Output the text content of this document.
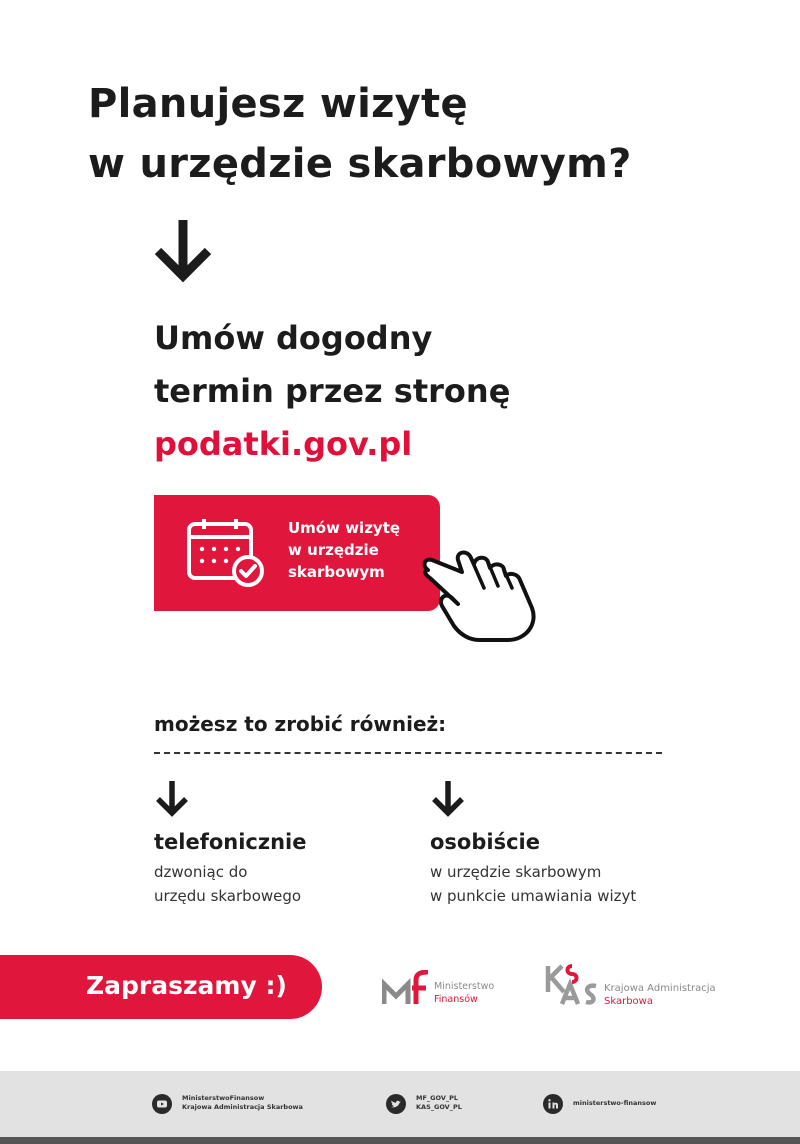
Planujesz wizytę
w urzędzie skarbowym?
Umów dogodny
termin przez stronę
podatki.gov.pl
Umów wizytę
w urzędzie
skarbowym
możesz to zrobić również:
telefonicznie
dzwoniąc do
urzędu skarbowego
osobiście
w urzędzie skarbowym
w punkcie umawiania wizyt
Zapraszamy :)	Ministerstwo
Finansów
Krajowa Administracja
Skarbowa
MinisterstwoFinansow
Krajowa Administracja Skarbowa
MF_GOV_PL
KAS_GOV_PL	ministerstwo-finansow
